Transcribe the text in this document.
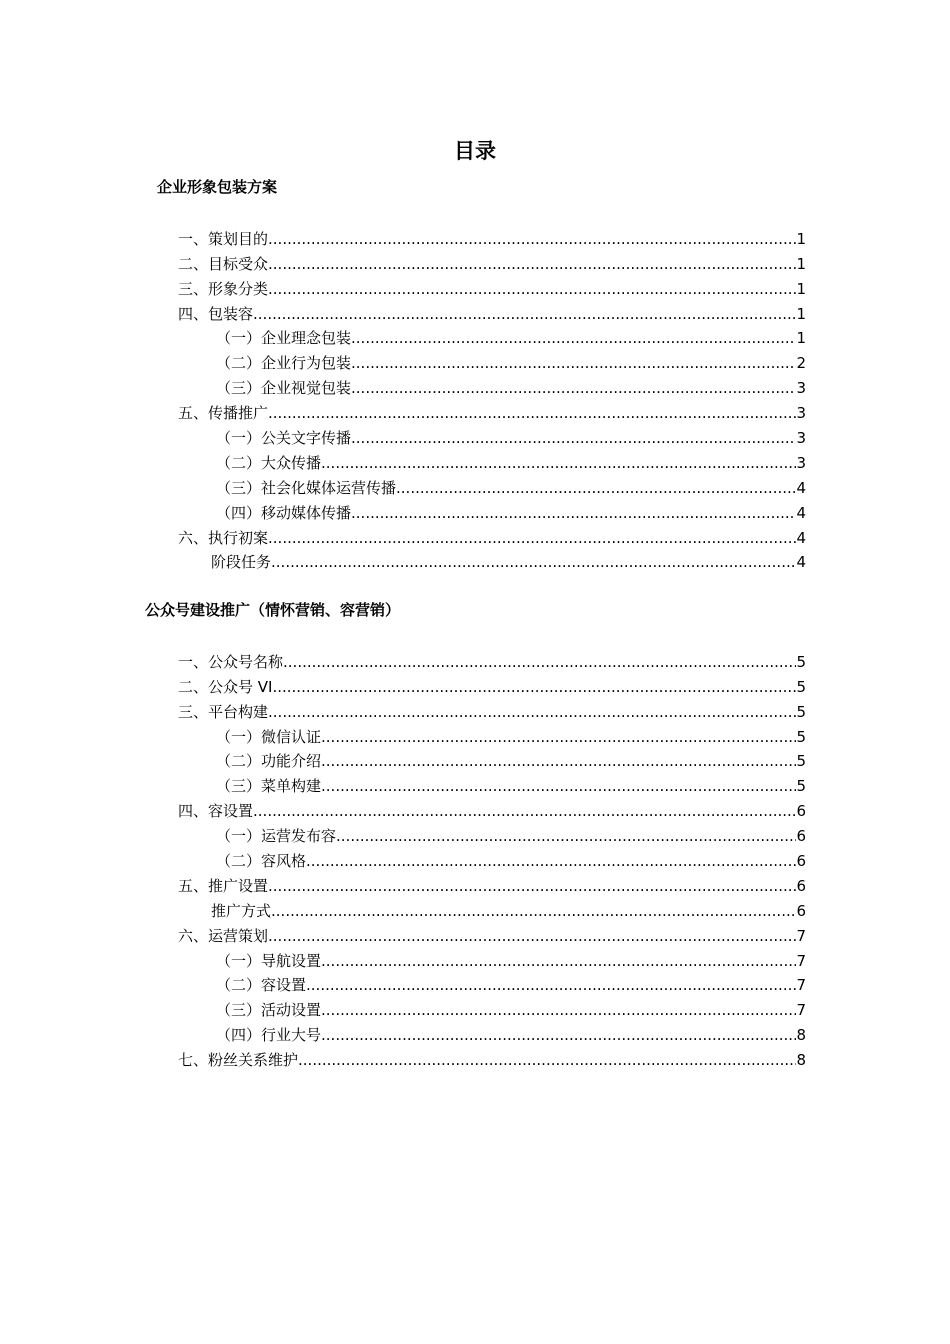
目录
企业形象包装方案
一、策划目的 .....	1
二、目标受众 .....	1
三、形象分类 .....	1
四、包装容 .....	1
（一）企业理念包装 .....	1
（二）企业行为包装 .....	2
（三）企业视觉包装 .....	3
五、传播推广 .....	3
（一）公关文字传播 .....	3
（二）大众传播 .....	3
（三）社会化媒体运营传播 .....	4
（四）移动媒体传播 .....	4
六、执行初案 .....	4
阶段任务 .....	4
公众号建设推广（情怀营销、容营销）
一、公众号名称 .....	5
二、公众号 VI .....	5
三、平台构建 .....	5
（一）微信认证 .....	5
（二）功能介绍 .....	5
（三）菜单构建 .....	5
四、容设置 .....	6
（一）运营发布容 .....	6
（二）容风格 .....	6
五、推广设置 .....	6
推广方式 .....	6
六、运营策划 .....	7
（一）导航设置 .....	7
（二）容设置 .....	7
（三）活动设置 .....	7
（四）行业大号 .....	8
七、粉丝关系维护 .....	8
